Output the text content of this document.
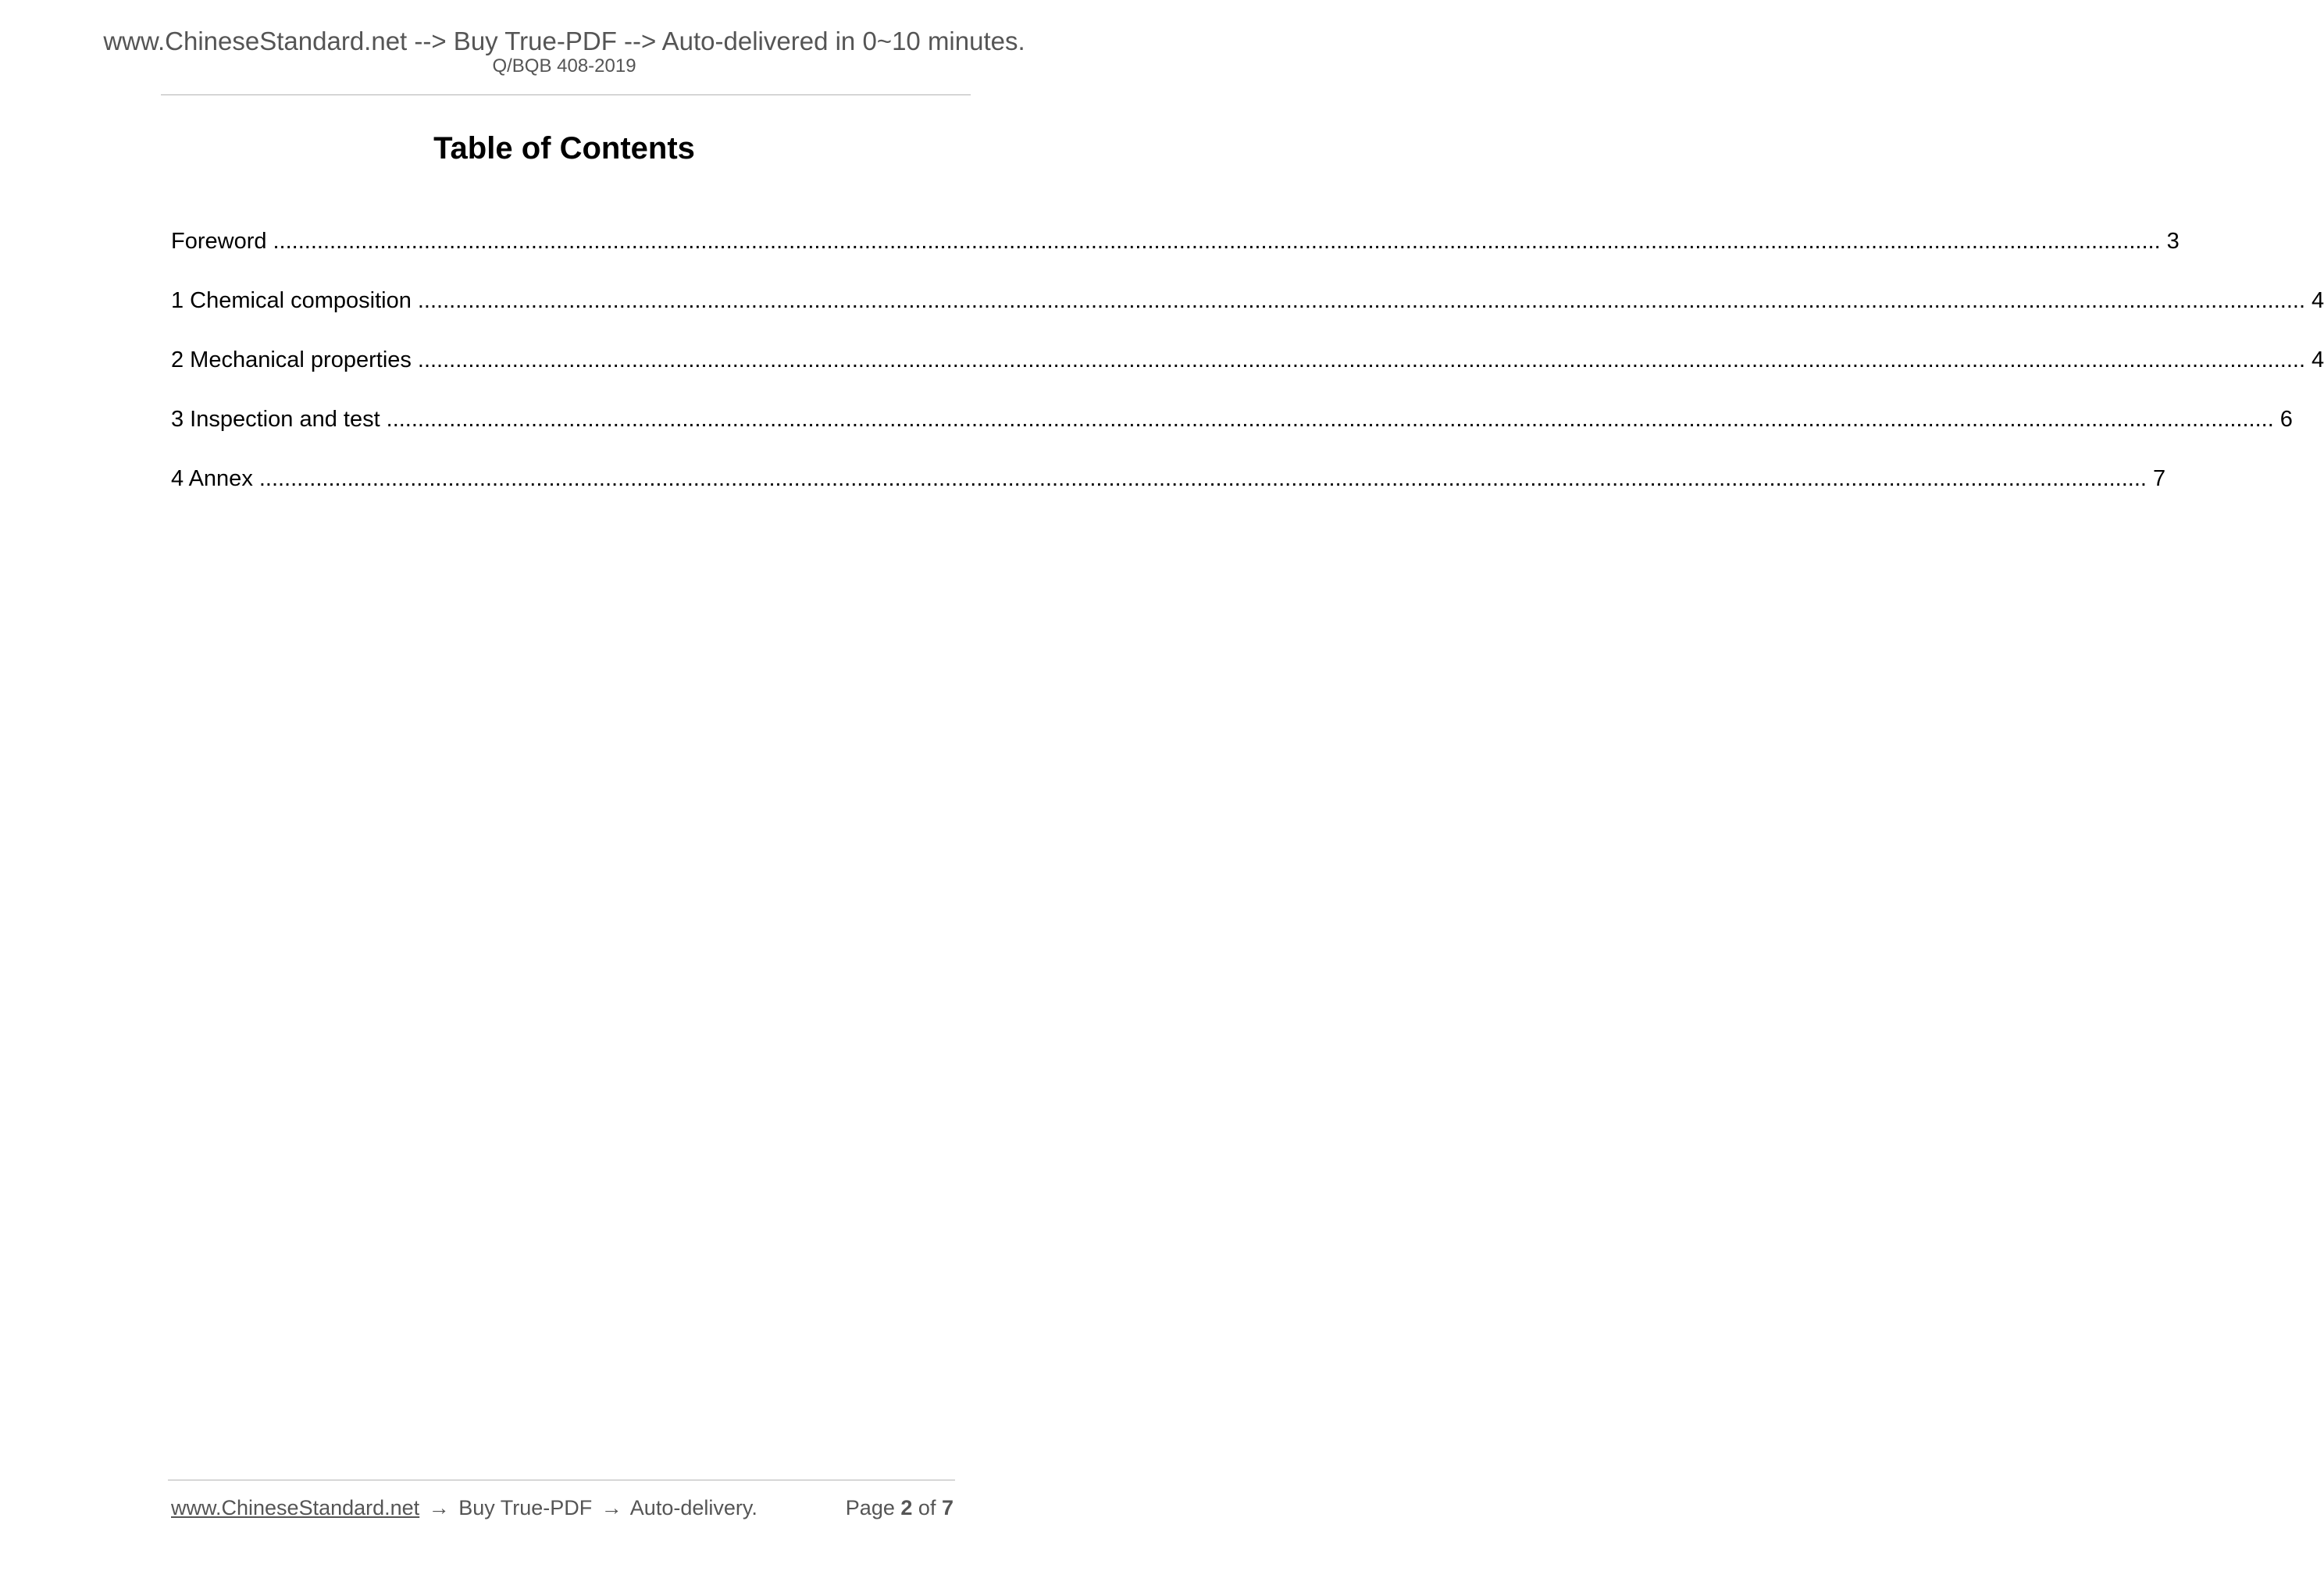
www.ChineseStandard.net --> Buy True-PDF --> Auto-delivered in 0~10 minutes.
Q/BQB 408-2019
Table of Contents
Foreword ............................................................................................................................................................................................................................................................................................................ 3
1 Chemical composition ............................................................................................................................................................................................................................................................................................................ 4
2 Mechanical properties ............................................................................................................................................................................................................................................................................................................ 4
3 Inspection and test ............................................................................................................................................................................................................................................................................................................ 6
4 Annex ............................................................................................................................................................................................................................................................................................................ 7
www.ChineseStandard.net → Buy True-PDF → Auto-delivery.	Page 2 of 7
